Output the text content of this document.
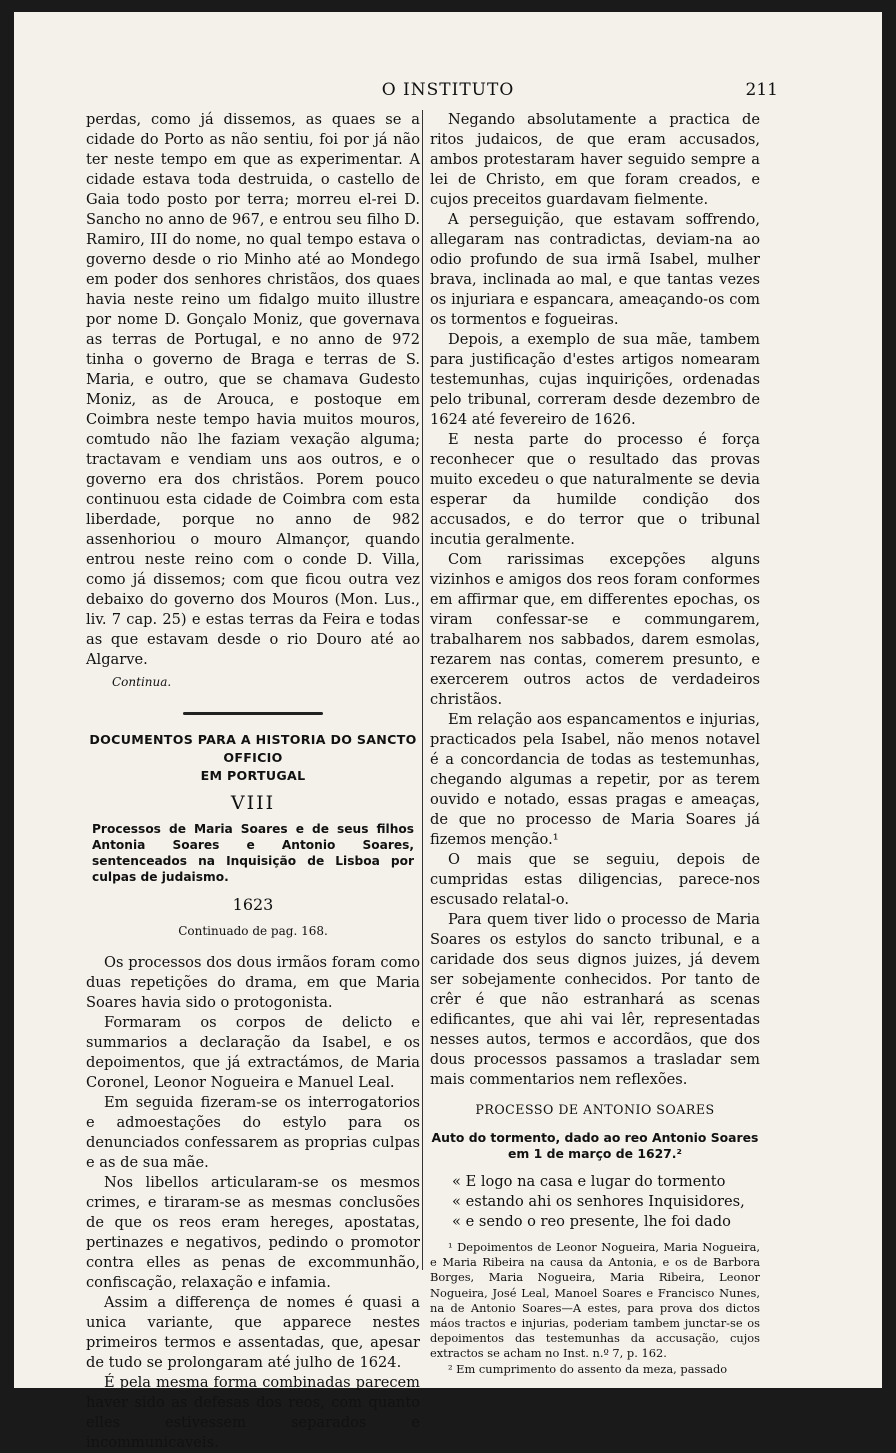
O INSTITUTO	211

perdas, como já dissemos, as quaes se a cidade do Porto as não sentiu, foi por já não ter neste tempo em que as experimentar. A cidade estava toda destruida, o castello de Gaia todo posto por terra; morreu el-rei D. Sancho no anno de 967, e entrou seu filho D. Ramiro, III do nome, no qual tempo estava o governo desde o rio Minho até ao Mondego em poder dos senhores christãos, dos quaes havia neste reino um fidalgo muito illustre por nome D. Gonçalo Moniz, que governava as terras de Portugal, e no anno de 972 tinha o governo de Braga e terras de S. Maria, e outro, que se chamava Gudesto Moniz, as de Arouca, e postoque em Coimbra neste tempo havia muitos mouros, comtudo não lhe faziam vexação alguma; tractavam e vendiam uns aos outros, e o governo era dos christãos. Porem pouco continuou esta cidade de Coimbra com esta liberdade, porque no anno de 982 assenhoriou o mouro Almançor, quando entrou neste reino com o conde D. Villa, como já dissemos; com que ficou outra vez debaixo do governo dos Mouros (Mon. Lus., liv. 7 cap. 25) e estas terras da Feira e todas as que estavam desde o rio Douro até ao Algarve.

Continua.
DOCUMENTOS PARA A HISTORIA DO SANCTO OFFICIO
EM PORTUGAL
VIII
Processos de Maria Soares e de seus filhos Antonia Soares e Antonio Soares, sentenceados na Inquisição de Lisboa por culpas de judaismo.
1623
Continuado de pag. 168.

Os processos dos dous irmãos foram como duas repetições do drama, em que Maria Soares havia sido o protogonista.

Formaram os corpos de delicto e summarios a declaração da Isabel, e os depoimentos, que já extractámos, de Maria Coronel, Leonor Nogueira e Manuel Leal.

Em seguida fizeram-se os interrogatorios e admoestações do estylo para os denunciados confessarem as proprias culpas e as de sua mãe.

Nos libellos articularam-se os mesmos crimes, e tiraram-se as mesmas conclusões de que os reos eram hereges, apostatas, pertinazes e negativos, pedindo o promotor contra elles as penas de excommunhão, confiscação, relaxação e infamia.

Assim a differença de nomes é quasi a unica variante, que apparece nestes primeiros termos e assentadas, que, apesar de tudo se prolongaram até julho de 1624.

É pela mesma forma combinadas parecem haver sido as defesas dos reos, com quanto elles estivessem separados e incommunicaveis.

Negando absolutamente a practica de ritos judaicos, de que eram accusados, ambos protestaram haver seguido sempre a lei de Christo, em que foram creados, e cujos preceitos guardavam fielmente.

A perseguição, que estavam soffrendo, allegaram nas contradictas, deviam-na ao odio profundo de sua irmã Isabel, mulher brava, inclinada ao mal, e que tantas vezes os injuriara e espancara, ameaçando-os com os tormentos e fogueiras.

Depois, a exemplo de sua mãe, tambem para justificação d'estes artigos nomearam testemunhas, cujas inquirições, ordenadas pelo tribunal, correram desde dezembro de 1624 até fevereiro de 1626.

E nesta parte do processo é força reconhecer que o resultado das provas muito excedeu o que naturalmente se devia esperar da humilde condição dos accusados, e do terror que o tribunal incutia geralmente.

Com rarissimas excepções alguns vizinhos e amigos dos reos foram conformes em affirmar que, em differentes epochas, os viram confessar-se e commungarem, trabalharem nos sabbados, darem esmolas, rezarem nas contas, comerem presunto, e exercerem outros actos de verdadeiros christãos.

Em relação aos espancamentos e injurias, practicados pela Isabel, não menos notavel é a concordancia de todas as testemunhas, chegando algumas a repetir, por as terem ouvido e notado, essas pragas e ameaças, de que no processo de Maria Soares já fizemos menção.¹

O mais que se seguiu, depois de cumpridas estas diligencias, parece-nos escusado relatal-o.

Para quem tiver lido o processo de Maria Soares os estylos do sancto tribunal, e a caridade dos seus dignos juizes, já devem ser sobejamente conhecidos. Por tanto de crêr é que não estranhará as scenas edificantes, que ahi vai lêr, representadas nesses autos, termos e accordãos, que dos dous processos passamos a trasladar sem mais commentarios nem reflexões.

PROCESSO DE ANTONIO SOARES
Auto do tormento, dado ao reo Antonio Soares
em 1 de março de 1627.²

« E logo na casa e lugar do tormento

« estando ahi os senhores Inquisidores,

« e sendo o reo presente, lhe foi dado

¹ Depoimentos de Leonor Nogueira, Maria Nogueira, e Maria Ribeira na causa da Antonia, e os de Barbora Borges, Maria Nogueira, Maria Ribeira, Leonor Nogueira, José Leal, Manoel Soares e Francisco Nunes, na de Antonio Soares—A estes, para prova dos dictos máos tractos e injurias, poderiam tambem junctar-se os depoimentos das testemunhas da accusação, cujos extractos se acham no Inst. n.º 7, p. 162.

² Em cumprimento do assento da meza, passado
